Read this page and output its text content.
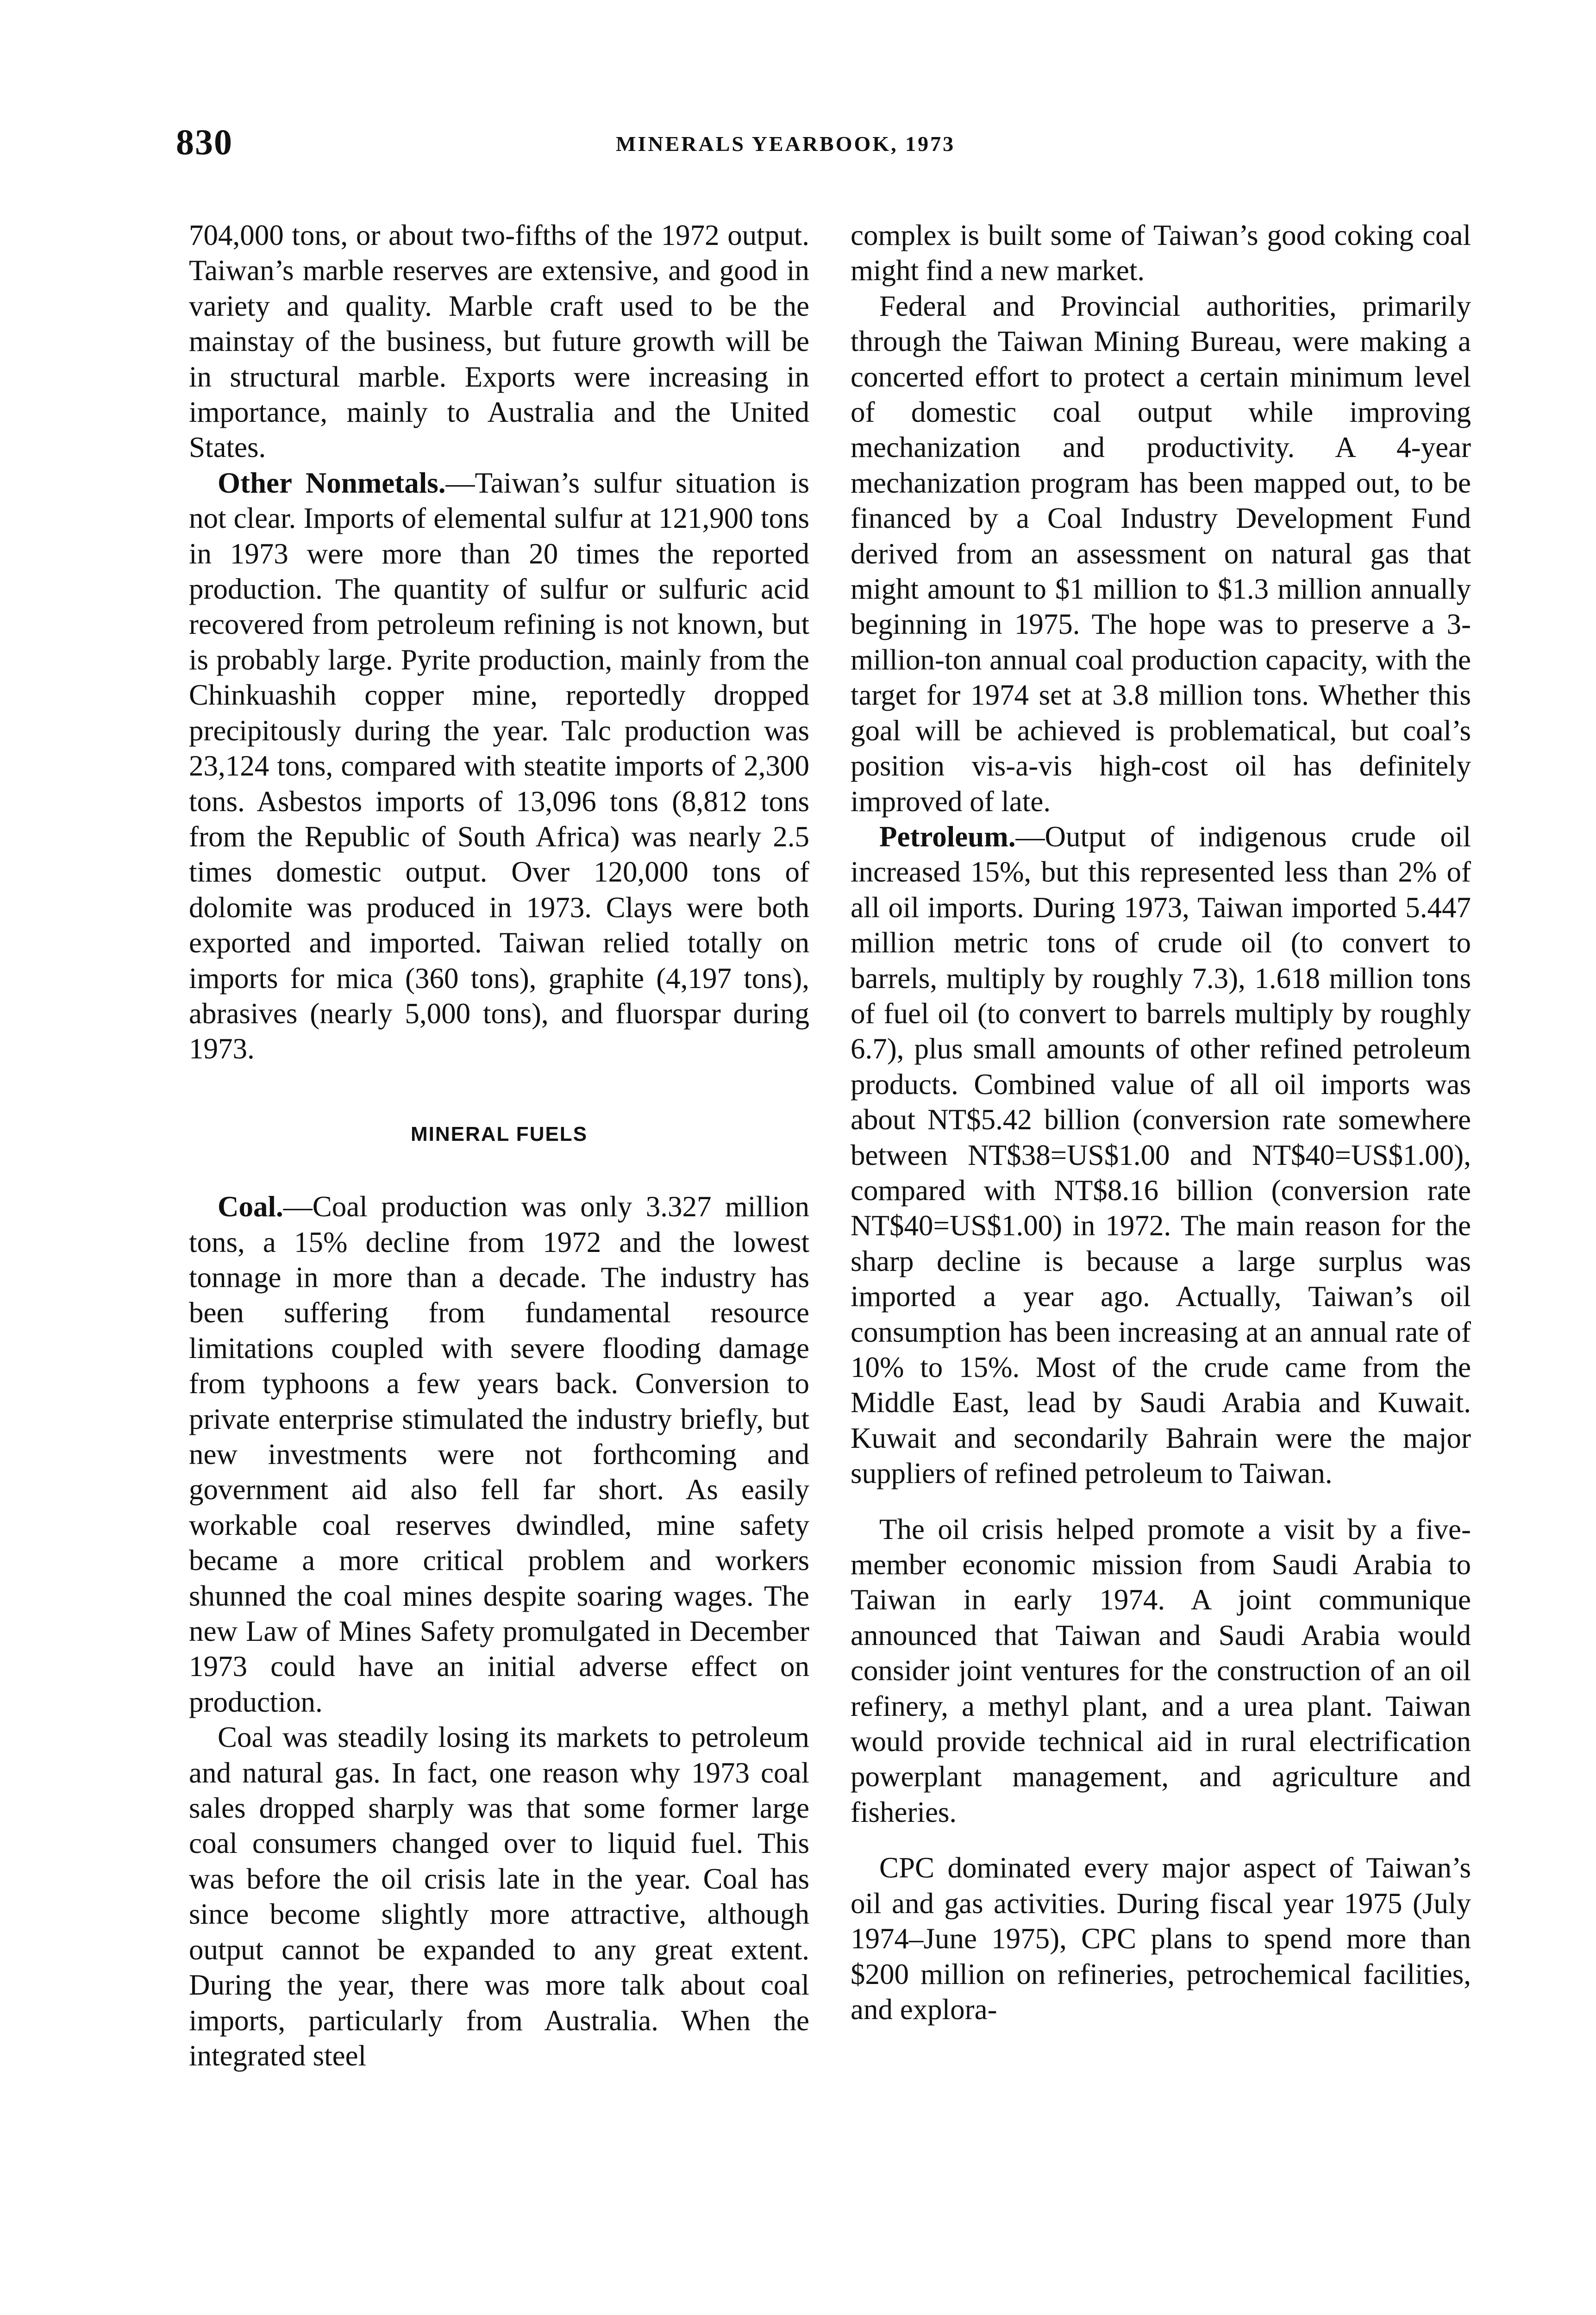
830	MINERALS YEARBOOK, 1973

704,000 tons, or about two-fifths of the 1972 output. Taiwan’s marble reserves are extensive, and good in variety and quality. Marble craft used to be the mainstay of the business, but future growth will be in structural marble. Exports were increasing in importance, mainly to Australia and the United States.

Other Nonmetals.—Taiwan’s sulfur situation is not clear. Imports of elemental sulfur at 121,900 tons in 1973 were more than 20 times the reported production. The quantity of sulfur or sulfuric acid recovered from petroleum refining is not known, but is probably large. Pyrite production, mainly from the Chinkuashih copper mine, reportedly dropped precipitously during the year. Talc production was 23,124 tons, compared with steatite imports of 2,300 tons. Asbestos imports of 13,096 tons (8,812 tons from the Republic of South Africa) was nearly 2.5 times domestic output. Over 120,000 tons of dolomite was produced in 1973. Clays were both exported and imported. Taiwan relied totally on imports for mica (360 tons), graphite (4,197 tons), abrasives (nearly 5,000 tons), and fluorspar during 1973.

MINERAL FUELS

Coal.—Coal production was only 3.327 million tons, a 15% decline from 1972 and the lowest tonnage in more than a decade. The industry has been suffering from fundamental resource limitations coupled with severe flooding damage from typhoons a few years back. Conversion to private enterprise stimulated the industry briefly, but new investments were not forthcoming and government aid also fell far short. As easily workable coal reserves dwindled, mine safety became a more critical problem and workers shunned the coal mines despite soaring wages. The new Law of Mines Safety promulgated in December 1973 could have an initial adverse effect on production.

Coal was steadily losing its markets to petroleum and natural gas. In fact, one reason why 1973 coal sales dropped sharply was that some former large coal consumers changed over to liquid fuel. This was before the oil crisis late in the year. Coal has since become slightly more attractive, although output cannot be expanded to any great extent. During the year, there was more talk about coal imports, particularly from Australia. When the integrated steel

complex is built some of Taiwan’s good coking coal might find a new market.

Federal and Provincial authorities, primarily through the Taiwan Mining Bureau, were making a concerted effort to protect a certain minimum level of domestic coal output while improving mechanization and productivity. A 4-year mechanization program has been mapped out, to be financed by a Coal Industry Development Fund derived from an assessment on natural gas that might amount to $1 million to $1.3 million annually beginning in 1975. The hope was to preserve a 3-million-ton annual coal production capacity, with the target for 1974 set at 3.8 million tons. Whether this goal will be achieved is problematical, but coal’s position vis-a-vis high-cost oil has definitely improved of late.

Petroleum.—Output of indigenous crude oil increased 15%, but this represented less than 2% of all oil imports. During 1973, Taiwan imported 5.447 million metric tons of crude oil (to convert to barrels, multiply by roughly 7.3), 1.618 million tons of fuel oil (to convert to barrels multiply by roughly 6.7), plus small amounts of other refined petroleum products. Combined value of all oil imports was about NT$5.42 billion (conversion rate somewhere between NT$38=US$1.00 and NT$40=US$1.00), compared with NT$8.16 billion (conversion rate NT$40=US$1.00) in 1972. The main reason for the sharp decline is because a large surplus was imported a year ago. Actually, Taiwan’s oil consumption has been increasing at an annual rate of 10% to 15%. Most of the crude came from the Middle East, lead by Saudi Arabia and Kuwait. Kuwait and secondarily Bahrain were the major suppliers of refined petroleum to Taiwan.

The oil crisis helped promote a visit by a five-member economic mission from Saudi Arabia to Taiwan in early 1974. A joint communique announced that Taiwan and Saudi Arabia would consider joint ventures for the construction of an oil refinery, a methyl plant, and a urea plant. Taiwan would provide technical aid in rural electrification powerplant management, and agriculture and fisheries.

CPC dominated every major aspect of Taiwan’s oil and gas activities. During fiscal year 1975 (July 1974–June 1975), CPC plans to spend more than $200 million on refineries, petrochemical facilities, and explora-
